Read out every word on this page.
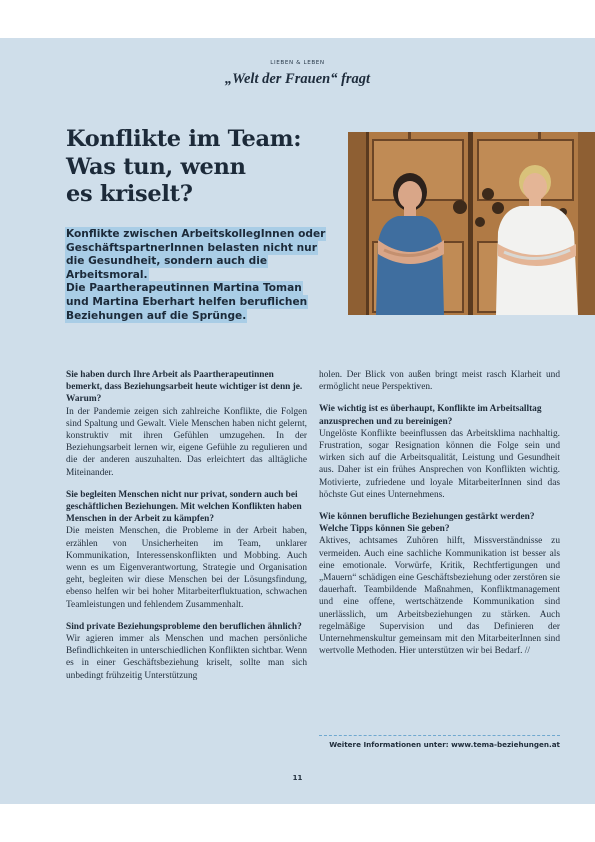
LIEBEN & LEBEN
„Welt der Frauen“ fragt
Konflikte im Team:
Was tun, wenn
es kriselt?

Konflikte zwischen ArbeitskollegInnen oder
GeschäftspartnerInnen belasten nicht nur
die Gesundheit, sondern auch die Arbeitsmoral.
Die Paartherapeutinnen Martina Toman
und Martina Eberhart helfen beruflichen
Beziehungen auf die Sprünge.

Sie haben durch Ihre Arbeit als Paartherapeutinnen bemerkt, dass Beziehungsarbeit heute wichtiger ist denn je. Warum?

In der Pandemie zeigen sich zahlreiche Konflikte, die Folgen sind Spaltung und Gewalt. Viele Menschen haben nicht gelernt, konstruktiv mit ihren Gefühlen umzugehen. In der Beziehungsarbeit lernen wir, eigene Gefühle zu regulieren und die der anderen auszuhalten. Das erleichtert das alltägliche Miteinander.

Sie begleiten Menschen nicht nur privat, sondern auch bei geschäftlichen Beziehungen. Mit welchen Konflikten haben Menschen in der Arbeit zu kämpfen?

Die meisten Menschen, die Probleme in der Arbeit haben, erzählen von Unsicherheiten im Team, unklarer Kommunikation, Interessenskonflikten und Mobbing. Auch wenn es um Eigenverantwortung, Strategie und Organisation geht, begleiten wir diese Menschen bei der Lösungsfindung, ebenso helfen wir bei hoher Mitarbeiterfluktuation, schwachen Teamleistungen und fehlendem Zusammenhalt.

Sind private Beziehungsprobleme den beruflichen ähnlich?

Wir agieren immer als Menschen und machen persönliche Befindlichkeiten in unterschiedlichen Konflikten sichtbar. Wenn es in einer Geschäftsbeziehung kriselt, sollte man sich unbedingt frühzeitig Unterstützung

holen. Der Blick von außen bringt meist rasch Klarheit und ermöglicht neue Perspektiven.

Wie wichtig ist es überhaupt, Konflikte im Arbeitsalltag anzusprechen und zu bereinigen?

Ungelöste Konflikte beeinflussen das Arbeitsklima nachhaltig. Frustration, sogar Resignation können die Folge sein und wirken sich auf die Arbeitsqualität, Leistung und Gesundheit aus. Daher ist ein frühes Ansprechen von Konflikten wichtig. Motivierte, zufriedene und loyale MitarbeiterInnen sind das höchste Gut eines Unternehmens.

Wie können berufliche Beziehungen gestärkt werden? Welche Tipps können Sie geben?

Aktives, achtsames Zuhören hilft, Missverständnisse zu vermeiden. Auch eine sachliche Kommunikation ist besser als eine emotionale. Vorwürfe, Kritik, Rechtfertigungen und „Mauern“ schädigen eine Geschäftsbeziehung oder zerstören sie dauerhaft. Teambildende Maßnahmen, Konfliktmanagement und eine offene, wertschätzende Kommunikation sind unerlässlich, um Arbeitsbeziehungen zu stärken. Auch regelmäßige Supervision und das Definieren der Unternehmenskultur gemeinsam mit den MitarbeiterInnen sind wertvolle Methoden. Hier unterstützen wir bei Bedarf. //

Weitere Informationen unter: www.tema-beziehungen.at
11
